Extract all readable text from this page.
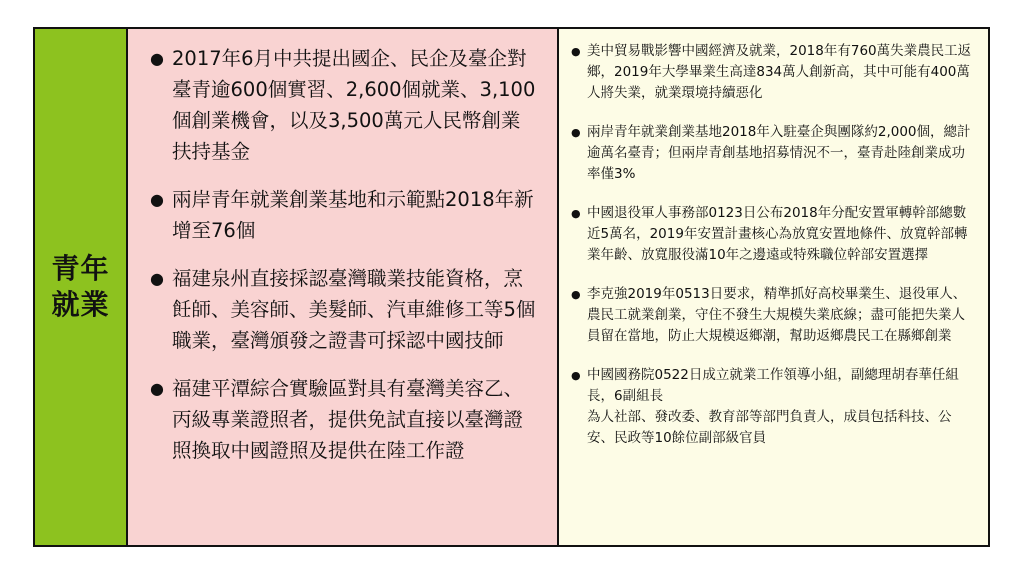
青年就業
● 2017年6月中共提出國企、民企及臺企對臺青逾600個實習、2,600個就業、3,100個創業機會，以及3,500萬元人民幣創業扶持基金
● 兩岸青年就業創業基地和示範點2018年新增至76個
● 福建泉州直接採認臺灣職業技能資格，烹飪師、美容師、美髮師、汽車維修工等5個職業，臺灣頒發之證書可採認中國技師
● 福建平潭綜合實驗區對具有臺灣美容乙、丙級專業證照者，提供免試直接以臺灣證照換取中國證照及提供在陸工作證
● 美中貿易戰影響中國經濟及就業，2018年有760萬失業農民工返鄉，2019年大學畢業生高達834萬人創新高，其中可能有400萬人將失業，就業環境持續惡化
● 兩岸青年就業創業基地2018年入駐臺企與團隊約2,000個，總計逾萬名臺青；但兩岸青創基地招募情況不一，臺青赴陸創業成功率僅3%
● 中國退役軍人事務部0123日公布2018年分配安置軍轉幹部總數近5萬名，2019年安置計畫核心為放寬安置地條件、放寬幹部轉業年齡、放寬服役滿10年之邊遠或特殊職位幹部安置選擇
● 李克強2019年0513日要求，精準抓好高校畢業生、退役軍人、農民工就業創業，守住不發生大規模失業底線；盡可能把失業人員留在當地，防止大規模返鄉潮，幫助返鄉農民工在縣鄉創業
● 中國國務院0522日成立就業工作領導小組，副總理胡春華任組長，6副組長
為人社部、發改委、教育部等部門負責人，成員包括科技、公安、民政等10餘位副部級官員
